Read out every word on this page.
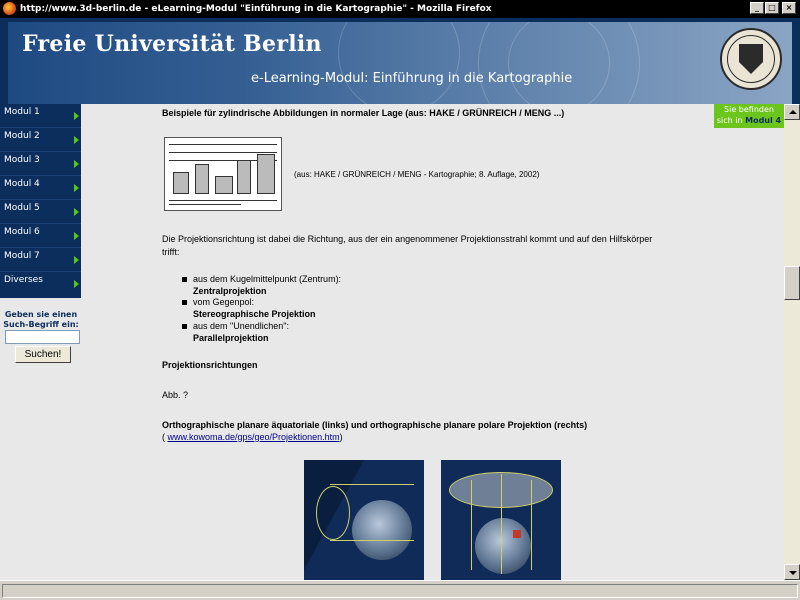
http://www.3d-berlin.de - eLearning-Modul "Einführung in die Kartographie" - Mozilla Firefox	_	□	×
Freie Universität Berlin
e-Learning-Modul: Einführung in die Kartographie
Modul 1
Modul 2
Modul 3
Modul 4
Modul 5
Modul 6
Modul 7
Diverses
Geben sie einen
Such-Begriff ein:
Suchen!
Beispiele für zylindrische Abbildungen in normaler Lage (aus: HAKE / GRÜNREICH / MENG ...)
(aus: HAKE / GRÜNREICH / MENG - Kartographie; 8. Auflage, 2002)
Die Projektionsrichtung ist dabei die Richtung, aus der ein angenommener Projektionsstrahl kommt und auf den Hilfskörper
trifft:
aus dem Kugelmittelpunkt (Zentrum):
Zentralprojektion
vom Gegenpol:
Stereographische Projektion
aus dem "Unendlichen":
Parallelprojektion
Projektionsrichtungen
Abb. ?
Orthographische planare äquatoriale (links) und orthographische planare polare Projektion (rechts)
( www.kowoma.de/gps/geo/Projektionen.htm)
Sie befinden
sich in Modul 4
